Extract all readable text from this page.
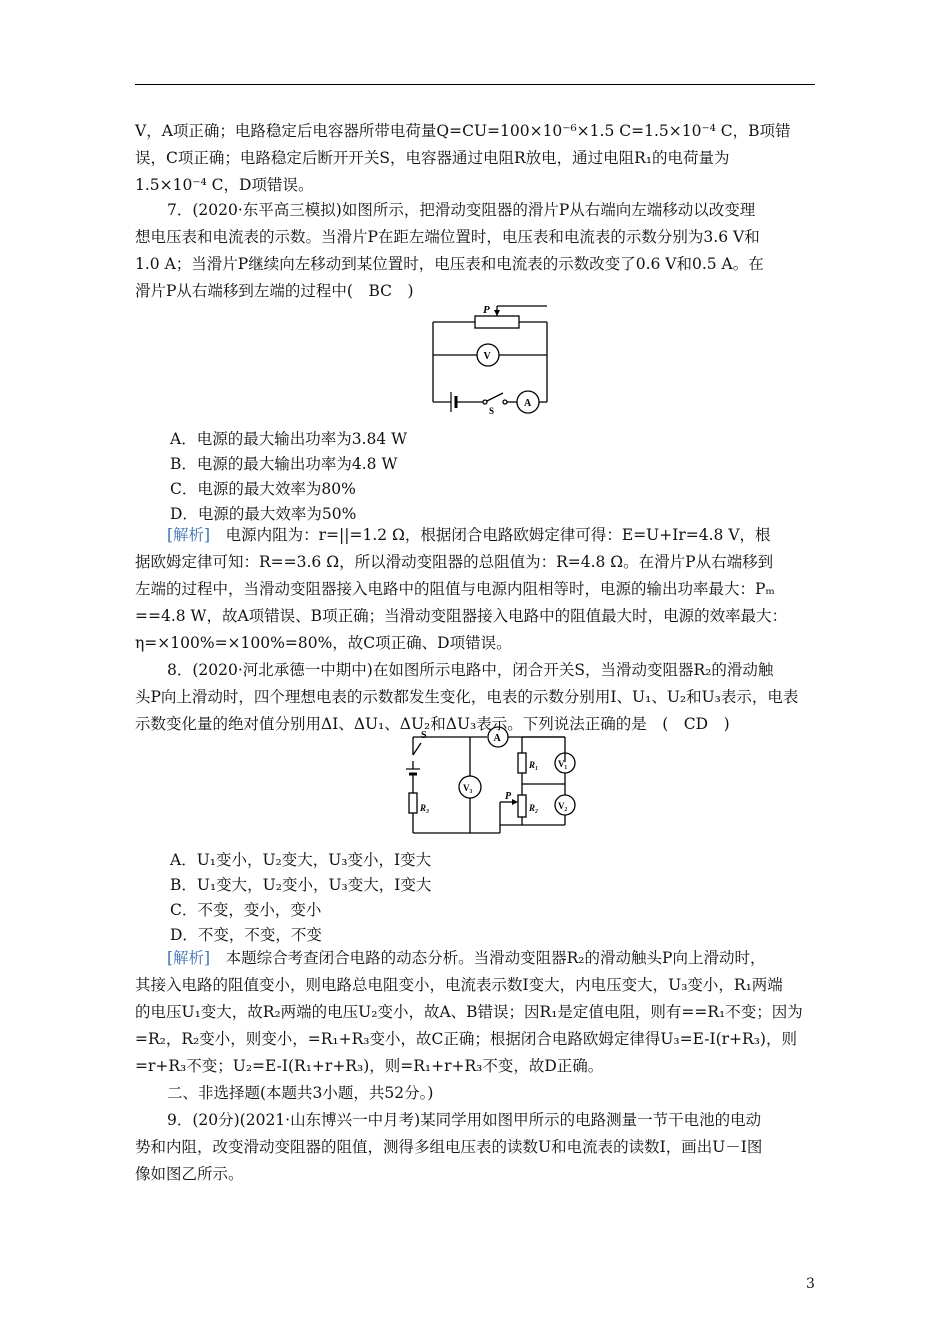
V，A项正确；电路稳定后电容器所带电荷量Q=CU=100×10⁻⁶×1.5 C=1.5×10⁻⁴ C，B项错
误，C项正确；电路稳定后断开开关S，电容器通过电阻R放电，通过电阻R₁的电荷量为
1.5×10⁻⁴ C，D项错误。
7．(2020·东平高三模拟)如图所示，把滑动变阻器的滑片P从右端向左端移动以改变理
想电压表和电流表的示数。当滑片P在距左端位置时，电压表和电流表的示数分别为3.6 V和
1.0 A；当滑片P继续向左移动到某位置时，电压表和电流表的示数改变了0.6 V和0.5 A。在
滑片P从右端移到左端的过程中(　BC　)
P
V
S
A
A．电源的最大输出功率为3.84 W
B．电源的最大输出功率为4.8 W
C．电源的最大效率为80%
D．电源的最大效率为50%
[解析]　 电源内阻为：r=||=1.2 Ω，根据闭合电路欧姆定律可得：E=U+Ir=4.8 V，根
据欧姆定律可知：R==3.6 Ω，所以滑动变阻器的总阻值为：R=4.8 Ω。在滑片P从右端移到
左端的过程中，当滑动变阻器接入电路中的阻值与电源内阻相等时，电源的输出功率最大：Pₘ
==4.8 W，故A项错误、B项正确；当滑动变阻器接入电路中的阻值最大时，电源的效率最大：
η=×100%=×100%=80%，故C项正确、D项错误。
8．(2020·河北承德一中期中)在如图所示电路中，闭合开关S，当滑动变阻器R₂的滑动触
头P向上滑动时，四个理想电表的示数都发生变化，电表的示数分别用I、U₁、U₂和U₃表示，电表
示数变化量的绝对值分别用ΔI、ΔU₁、ΔU₂和ΔU₃表示。下列说法正确的是　(　CD　)
S	A
R₁ V₁
V₃
P
R₂ V₂
R₃
A．U₁变小，U₂变大，U₃变小，I变大
B．U₁变大，U₂变小，U₃变大，I变大
C．不变，变小，变小
D．不变，不变，不变
[解析]　 本题综合考查闭合电路的动态分析。当滑动变阻器R₂的滑动触头P向上滑动时，
其接入电路的阻值变小，则电路总电阻变小，电流表示数I变大，内电压变大，U₃变小，R₁两端
的电压U₁变大，故R₂两端的电压U₂变小，故A、B错误；因R₁是定值电阻，则有==R₁不变；因为
=R₂，R₂变小，则变小，=R₁+R₃变小，故C正确；根据闭合电路欧姆定律得U₃=E-I(r+R₃)，则
=r+R₃不变；U₂=E-I(R₁+r+R₃)，则=R₁+r+R₃不变，故D正确。
二、非选择题(本题共3小题，共52分。)
9．(20分)(2021·山东博兴一中月考)某同学用如图甲所示的电路测量一节干电池的电动
势和内阻，改变滑动变阻器的阻值，测得多组电压表的读数U和电流表的读数I，画出U－I图
像如图乙所示。
3
